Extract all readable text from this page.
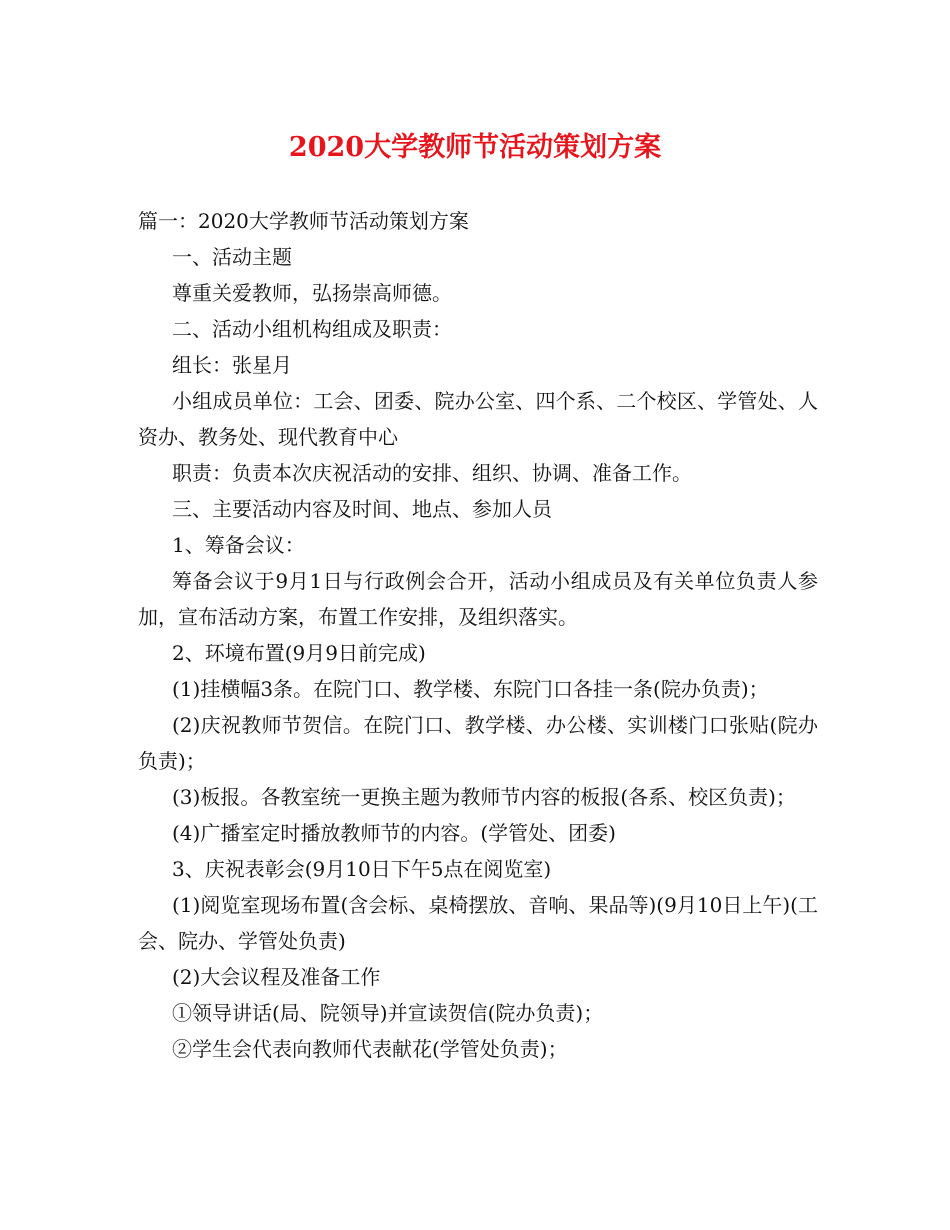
2020大学教师节活动策划方案

篇一：2020大学教师节活动策划方案

一、活动主题

尊重关爱教师，弘扬崇高师德。

二、活动小组机构组成及职责：

组长：张星月

小组成员单位：工会、团委、院办公室、四个系、二个校区、学管处、人资办、教务处、现代教育中心

职责：负责本次庆祝活动的安排、组织、协调、准备工作。

三、主要活动内容及时间、地点、参加人员

1、筹备会议：

筹备会议于9月1日与行政例会合开，活动小组成员及有关单位负责人参加，宣布活动方案，布置工作安排，及组织落实。

2、环境布置(9月9日前完成)

(1)挂横幅3条。在院门口、教学楼、东院门口各挂一条(院办负责)；

(2)庆祝教师节贺信。在院门口、教学楼、办公楼、实训楼门口张贴(院办负责)；

(3)板报。各教室统一更换主题为教师节内容的板报(各系、校区负责)；

(4)广播室定时播放教师节的内容。(学管处、团委)

3、庆祝表彰会(9月10日下午5点在阅览室)

(1)阅览室现场布置(含会标、桌椅摆放、音响、果品等)(9月10日上午)(工会、院办、学管处负责)

(2)大会议程及准备工作

①领导讲话(局、院领导)并宣读贺信(院办负责)；

②学生会代表向教师代表献花(学管处负责)；
